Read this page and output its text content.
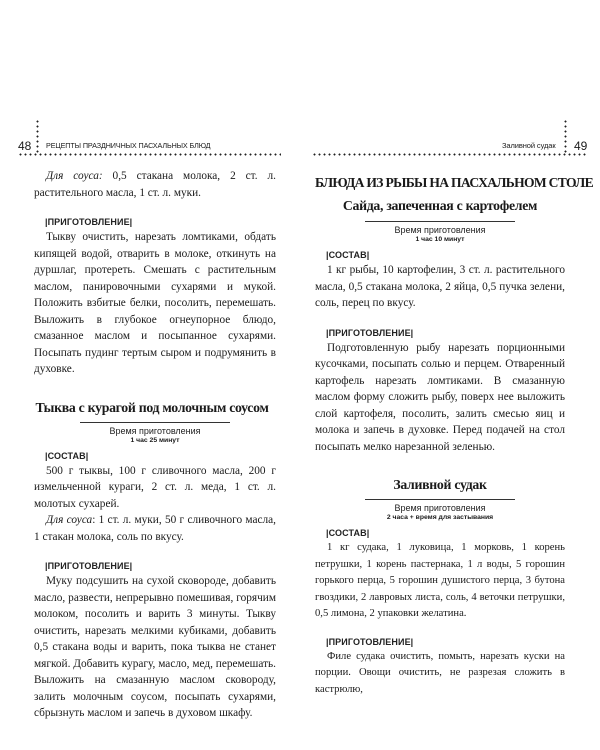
48 РЕЦЕПТЫ ПРАЗДНИЧНЫХ ПАСХАЛЬНЫХ БЛЮД

Для соуса: 0,5 стакана молока, 2 ст. л. растительного масла, 1 ст. л. муки.

|ПРИГОТОВЛЕНИЕ|

Тыкву очистить, нарезать ломтиками, обдать кипящей водой, отварить в молоке, откинуть на дуршлаг, протереть. Смешать с растительным маслом, панировочными сухарями и мукой. Положить взбитые белки, посолить, перемешать. Выложить в глубокое огнеупорное блюдо, смазанное маслом и посыпанное сухарями. Посыпать пудинг тертым сыром и подрумянить в духовке.

Тыква с курагой под молочным соусом
Время приготовления
1 час 25 минут
|СОСТАВ|

500 г тыквы, 100 г сливочного масла, 200 г измельченной кураги, 2 ст. л. меда, 1 ст. л. молотых сухарей.

Для соуса: 1 ст. л. муки, 50 г сливочного масла, 1 стакан молока, соль по вкусу.

|ПРИГОТОВЛЕНИЕ|

Муку подсушить на сухой сковороде, добавить масло, развести, непрерывно помешивая, горячим молоком, посолить и варить 3 минуты. Тыкву очистить, нарезать мелкими кубиками, добавить 0,5 стакана воды и варить, пока тыква не станет мягкой. Добавить курагу, масло, мед, перемешать. Выложить на смазанную маслом сковороду, залить молочным соусом, посыпать сухарями, сбрызнуть маслом и запечь в духовом шкафу.

Заливной судак 49
БЛЮДА ИЗ РЫБЫ НА ПАСХАЛЬНОМ СТОЛЕ
Сайда, запеченная с картофелем
Время приготовления
1 час 10 минут
|СОСТАВ|

1 кг рыбы, 10 картофелин, 3 ст. л. растительного масла, 0,5 стакана молока, 2 яйца, 0,5 пучка зелени, соль, перец по вкусу.

|ПРИГОТОВЛЕНИЕ|

Подготовленную рыбу нарезать порционными кусочками, посыпать солью и перцем. Отваренный картофель нарезать ломтиками. В смазанную маслом форму сложить рыбу, поверх нее выложить слой картофеля, посолить, залить смесью яиц и молока и запечь в духовке. Перед подачей на стол посыпать мелко нарезанной зеленью.

Заливной судак
Время приготовления
2 часа + время для застывания
|СОСТАВ|

1 кг судака, 1 луковица, 1 морковь, 1 корень петрушки, 1 корень пастернака, 1 л воды, 5 горошин горького перца, 5 горошин душистого перца, 3 бутона гвоздики, 2 лавровых листа, соль, 4 веточки петрушки, 0,5 лимона, 2 упаковки желатина.

|ПРИГОТОВЛЕНИЕ|

Филе судака очистить, помыть, нарезать куски на порции. Овощи очистить, не разрезая сложить в кастрюлю,
